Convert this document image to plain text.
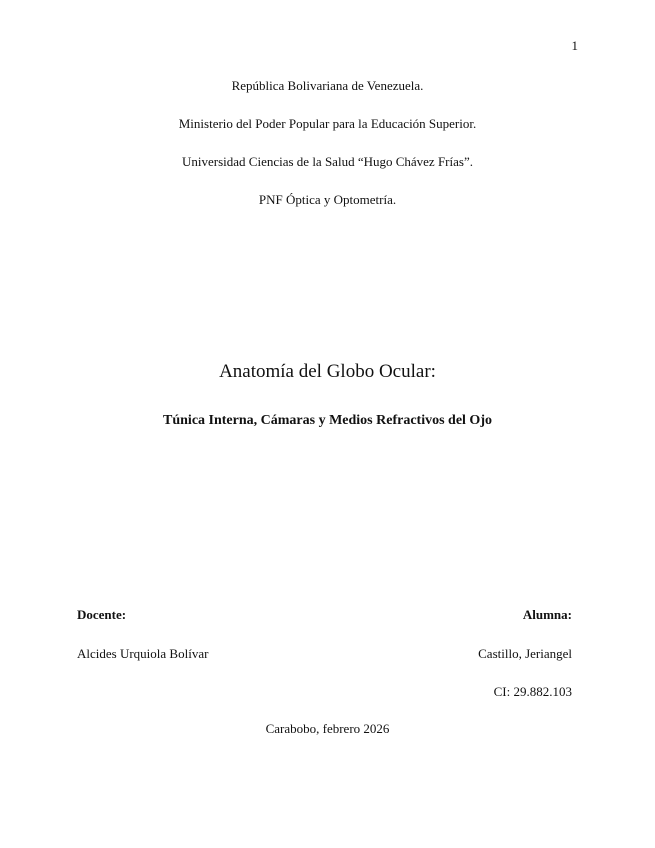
1
República Bolivariana de Venezuela.
Ministerio del Poder Popular para la Educación Superior.
Universidad Ciencias de la Salud “Hugo Chávez Frías”.
PNF Óptica y Optometría.
Anatomía del Globo Ocular:
Túnica Interna, Cámaras y Medios Refractivos del Ojo
Docente:	Alumna:
Alcides Urquiola Bolívar	Castillo, Jeriangel
CI: 29.882.103
Carabobo, febrero 2026
